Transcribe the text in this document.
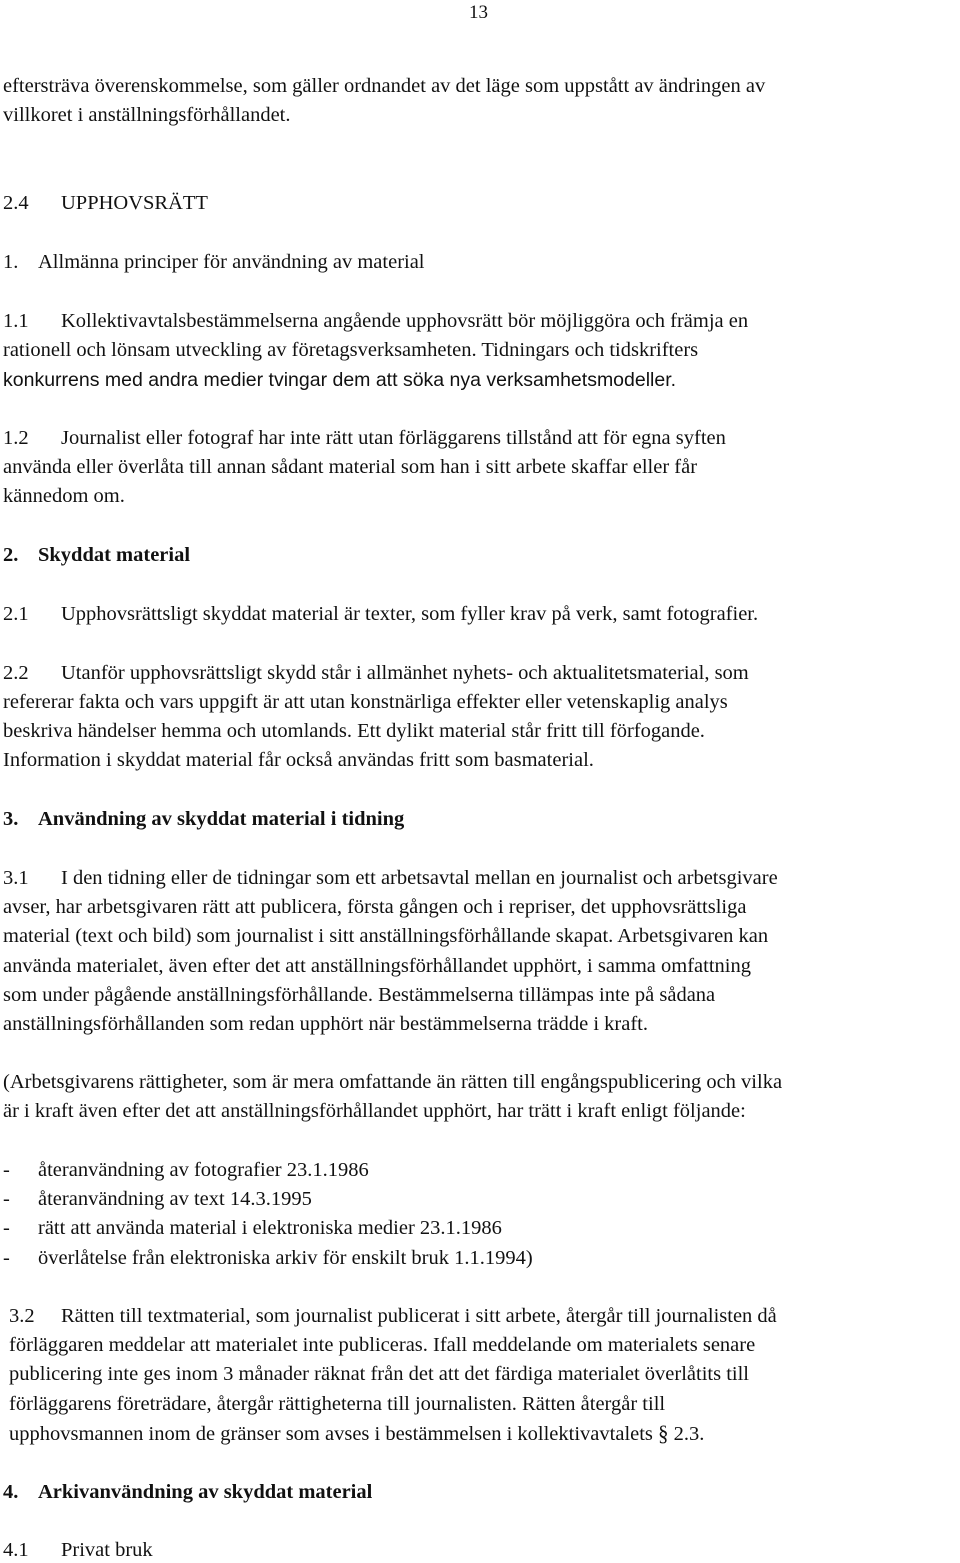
13
eftersträva överenskommelse, som gäller ordnandet av det läge som uppstått av ändringen av
villkoret i anställningsförhållandet.
2.4 UPPHOVSRÄTT
1. Allmänna principer för användning av material
1.1 Kollektivavtalsbestämmelserna angående upphovsrätt bör möjliggöra och främja en
rationell och lönsam utveckling av företagsverksamheten. Tidningars och tidskrifters
konkurrens med andra medier tvingar dem att söka nya verksamhetsmodeller.
1.2 Journalist eller fotograf har inte rätt utan förläggarens tillstånd att för egna syften
använda eller överlåta till annan sådant material som han i sitt arbete skaffar eller får
kännedom om.
2. Skyddat material
2.1 Upphovsrättsligt skyddat material är texter, som fyller krav på verk, samt fotografier.
2.2 Utanför upphovsrättsligt skydd står i allmänhet nyhets- och aktualitetsmaterial, som
refererar fakta och vars uppgift är att utan konstnärliga effekter eller vetenskaplig analys
beskriva händelser hemma och utomlands. Ett dylikt material står fritt till förfogande.
Information i skyddat material får också användas fritt som basmaterial.
3. Användning av skyddat material i tidning
3.1 I den tidning eller de tidningar som ett arbetsavtal mellan en journalist och arbetsgivare
avser, har arbetsgivaren rätt att publicera, första gången och i repriser, det upphovsrättsliga
material (text och bild) som journalist i sitt anställningsförhållande skapat. Arbetsgivaren kan
använda materialet, även efter det att anställningsförhållandet upphört, i samma omfattning
som under pågående anställningsförhållande. Bestämmelserna tillämpas inte på sådana
anställningsförhållanden som redan upphört när bestämmelserna trädde i kraft.
(Arbetsgivarens rättigheter, som är mera omfattande än rätten till engångspublicering och vilka
är i kraft även efter det att anställningsförhållandet upphört, har trätt i kraft enligt följande:
- återanvändning av fotografier 23.1.1986
- återanvändning av text 14.3.1995
- rätt att använda material i elektroniska medier 23.1.1986
- överlåtelse från elektroniska arkiv för enskilt bruk 1.1.1994)
3.2 Rätten till textmaterial, som journalist publicerat i sitt arbete, återgår till journalisten då
förläggaren meddelar att materialet inte publiceras. Ifall meddelande om materialets senare
publicering inte ges inom 3 månader räknat från det att det färdiga materialet överlåtits till
förläggarens företrädare, återgår rättigheterna till journalisten. Rätten återgår till
upphovsmannen inom de gränser som avses i bestämmelsen i kollektivavtalets § 2.3.
4. Arkivanvändning av skyddat material
4.1 Privat bruk
